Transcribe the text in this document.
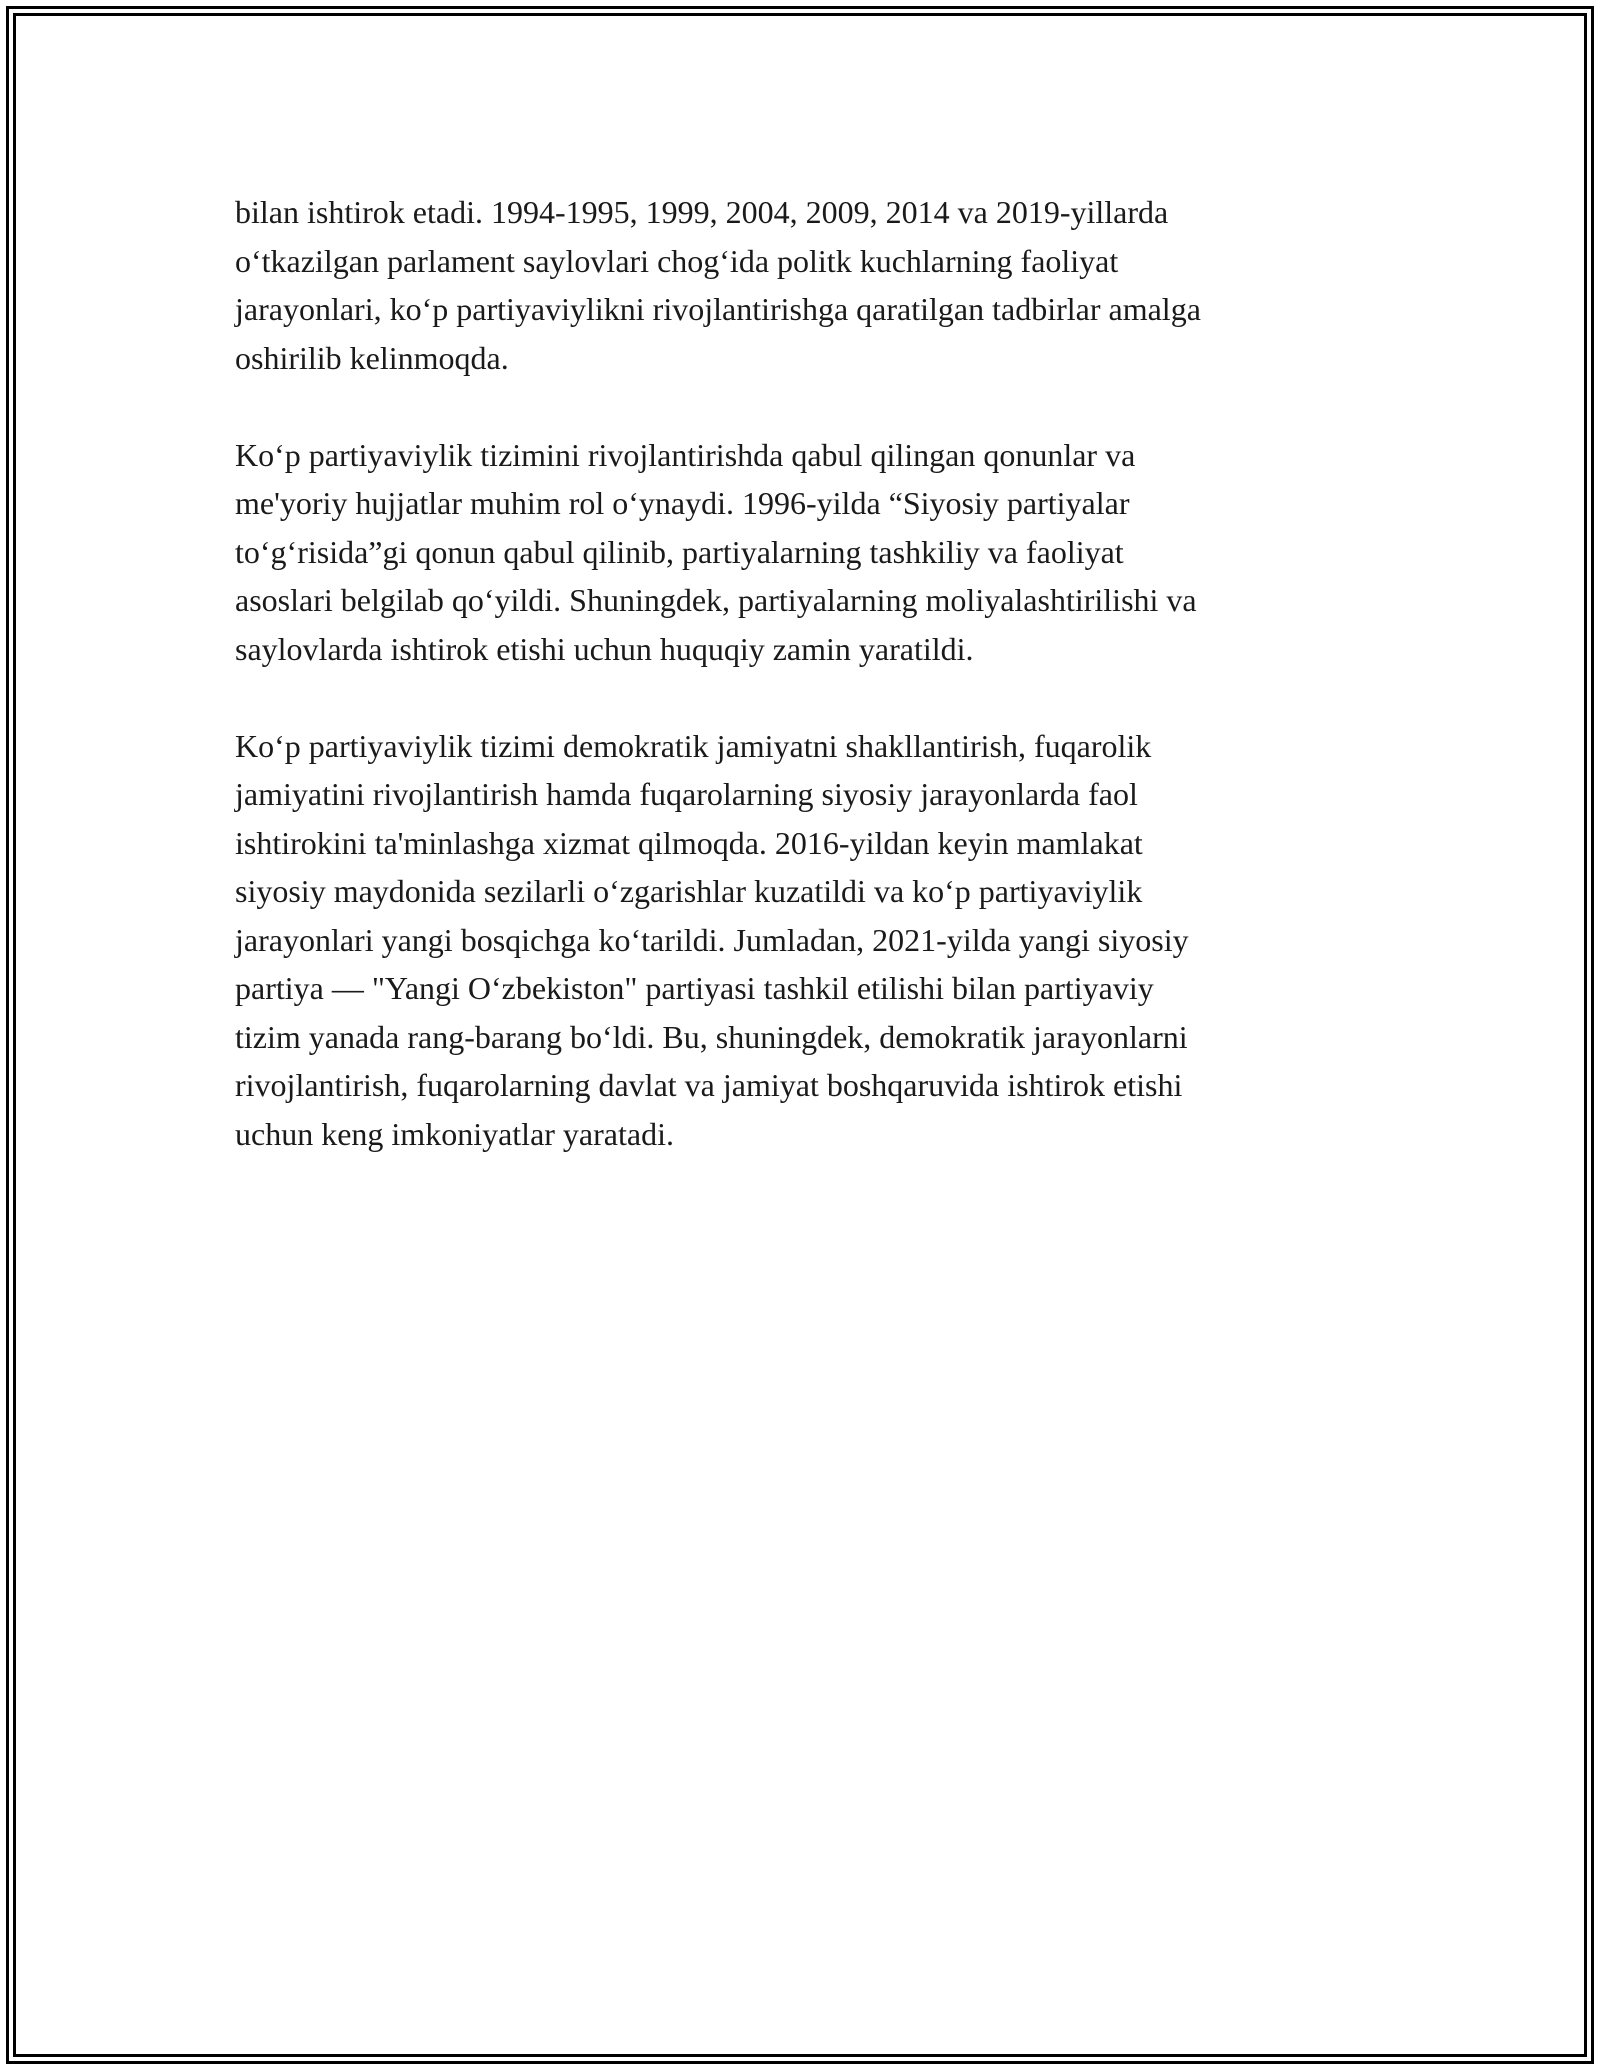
bilan ishtirok etadi. 1994-1995, 1999, 2004, 2009, 2014 va 2019-yillarda
o‘tkazilgan parlament saylovlari chog‘ida politk kuchlarning faoliyat
jarayonlari, ko‘p partiyaviylikni rivojlantirishga qaratilgan tadbirlar amalga
oshirilib kelinmoqda.

Ko‘p partiyaviylik tizimini rivojlantirishda qabul qilingan qonunlar va
me'yoriy hujjatlar muhim rol o‘ynaydi. 1996-yilda “Siyosiy partiyalar
to‘g‘risida”gi qonun qabul qilinib, partiyalarning tashkiliy va faoliyat
asoslari belgilab qo‘yildi. Shuningdek, partiyalarning moliyalashtirilishi va
saylovlarda ishtirok etishi uchun huquqiy zamin yaratildi.

Ko‘p partiyaviylik tizimi demokratik jamiyatni shakllantirish, fuqarolik
jamiyatini rivojlantirish hamda fuqarolarning siyosiy jarayonlarda faol
ishtirokini ta'minlashga xizmat qilmoqda. 2016-yildan keyin mamlakat
siyosiy maydonida sezilarli o‘zgarishlar kuzatildi va ko‘p partiyaviylik
jarayonlari yangi bosqichga ko‘tarildi. Jumladan, 2021-yilda yangi siyosiy
partiya — "Yangi O‘zbekiston" partiyasi tashkil etilishi bilan partiyaviy
tizim yanada rang-barang bo‘ldi. Bu, shuningdek, demokratik jarayonlarni
rivojlantirish, fuqarolarning davlat va jamiyat boshqaruvida ishtirok etishi
uchun keng imkoniyatlar yaratadi.
